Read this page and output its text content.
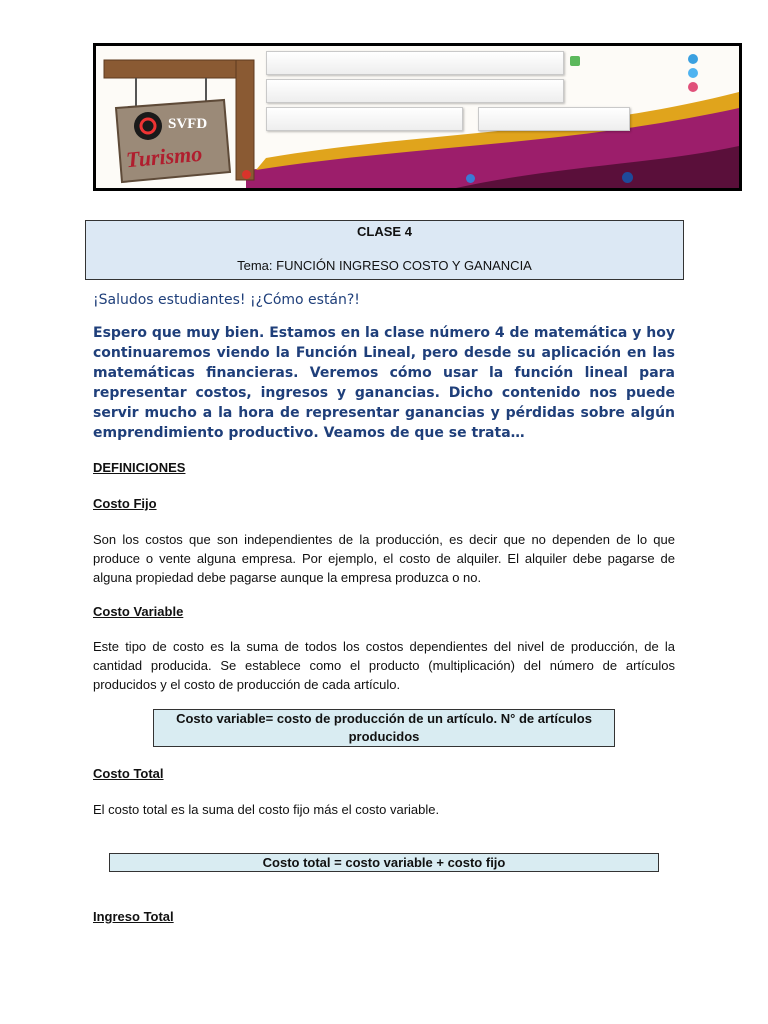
SVFD
Turismo
CLASE 4
Tema: FUNCIÓN INGRESO COSTO Y GANANCIA
¡Saludos estudiantes! ¡¿Cómo están?!
Espero que muy bien. Estamos en la clase número 4 de matemática y hoy continuaremos viendo la Función Lineal, pero desde su aplicación en las matemáticas financieras. Veremos cómo usar la función lineal para representar costos, ingresos y ganancias. Dicho contenido nos puede servir mucho a la hora de representar ganancias y pérdidas sobre algún emprendimiento productivo. Veamos de que se trata…
DEFINICIONES
Costo Fijo
Son los costos que son independientes de la producción, es decir que no dependen de lo que produce o vente alguna empresa. Por ejemplo, el costo de alquiler. El alquiler debe pagarse de alguna propiedad debe pagarse aunque la empresa produzca o no.
Costo Variable
Este tipo de costo es la suma de todos los costos dependientes del nivel de producción, de la cantidad producida. Se establece como el producto (multiplicación) del número de artículos producidos y el costo de producción de cada artículo.
Costo variable= costo de producción de un artículo. N° de artículos producidos
Costo Total
El costo total es la suma del costo fijo más el costo variable.
Costo total = costo variable + costo fijo
Ingreso Total
